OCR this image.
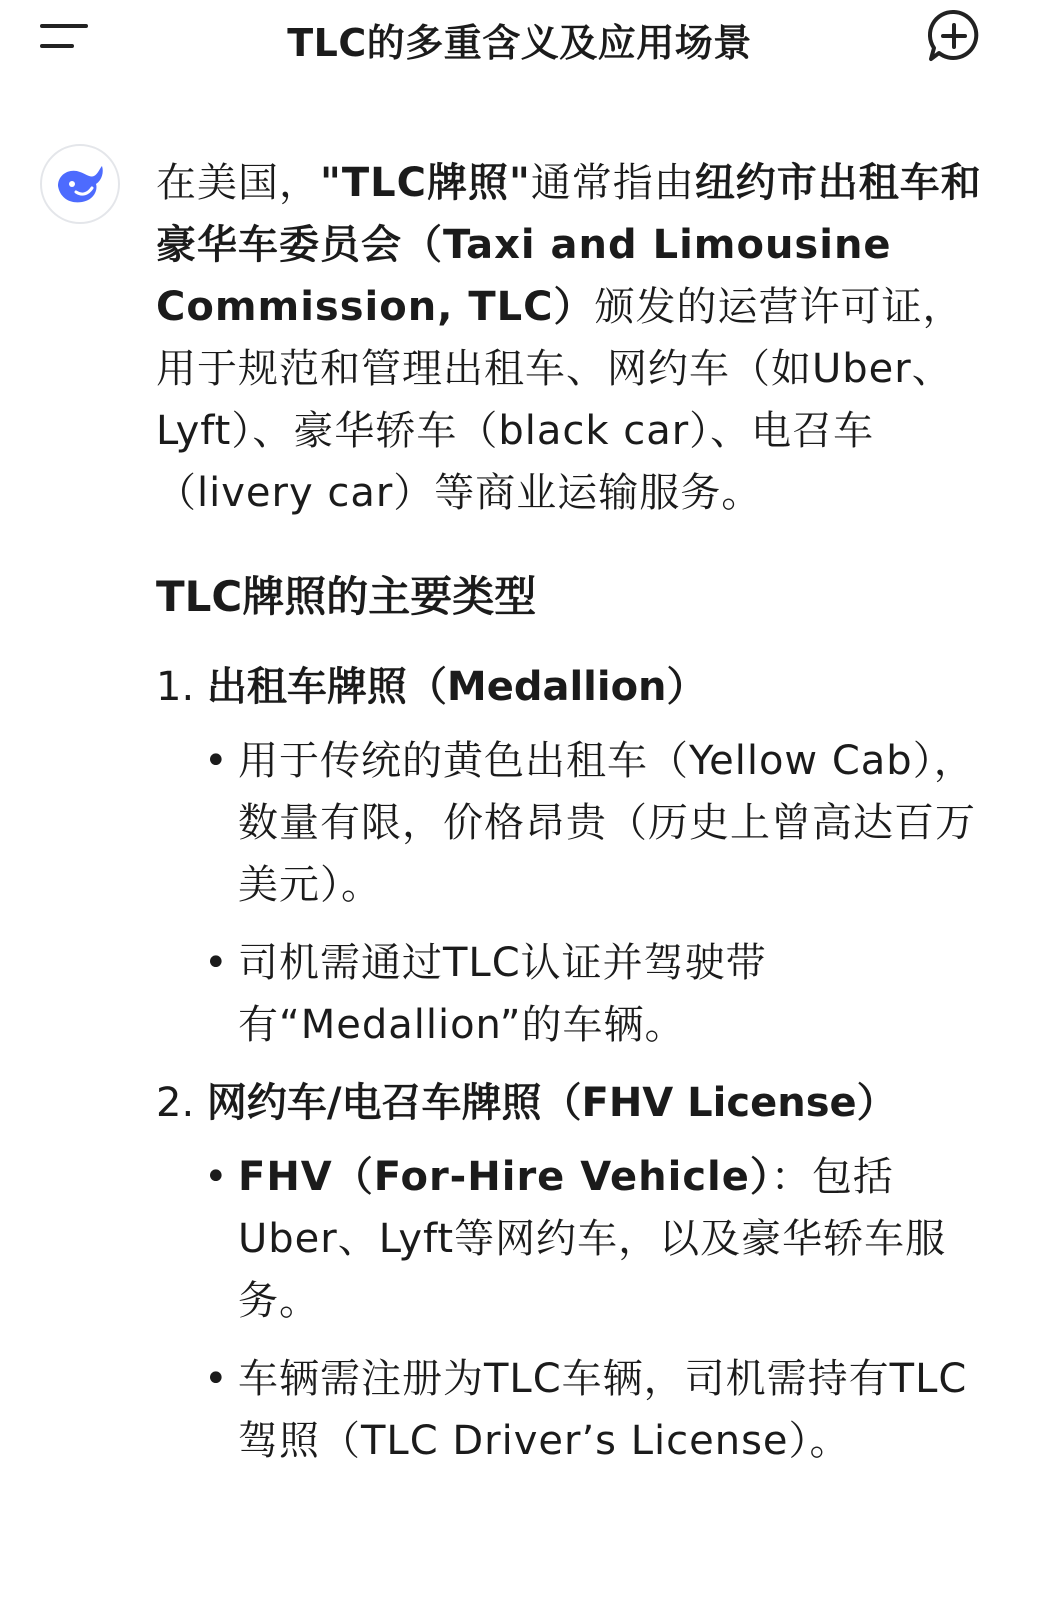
TLC的多重含义及应用场景

在美国，"TLC牌照"通常指由纽约市出租车和豪华车委员会（Taxi and Limousine Commission, TLC）颁发的运营许可证，用于规范和管理出租车、网约车（如Uber、Lyft）、豪华轿车（black car）、电召车（livery car）等商业运输服务。

TLC牌照的主要类型
1. 出租车牌照（Medallion）
• 用于传统的黄色出租车（Yellow Cab），数量有限，价格昂贵（历史上曾高达百万美元）。
• 司机需通过TLC认证并驾驶带有“Medallion”的车辆。
2. 网约车/电召车牌照（FHV License）
• FHV（For-Hire Vehicle）：包括Uber、Lyft等网约车，以及豪华轿车服务。
• 车辆需注册为TLC车辆，司机需持有TLC驾照（TLC Driver’s License）。
